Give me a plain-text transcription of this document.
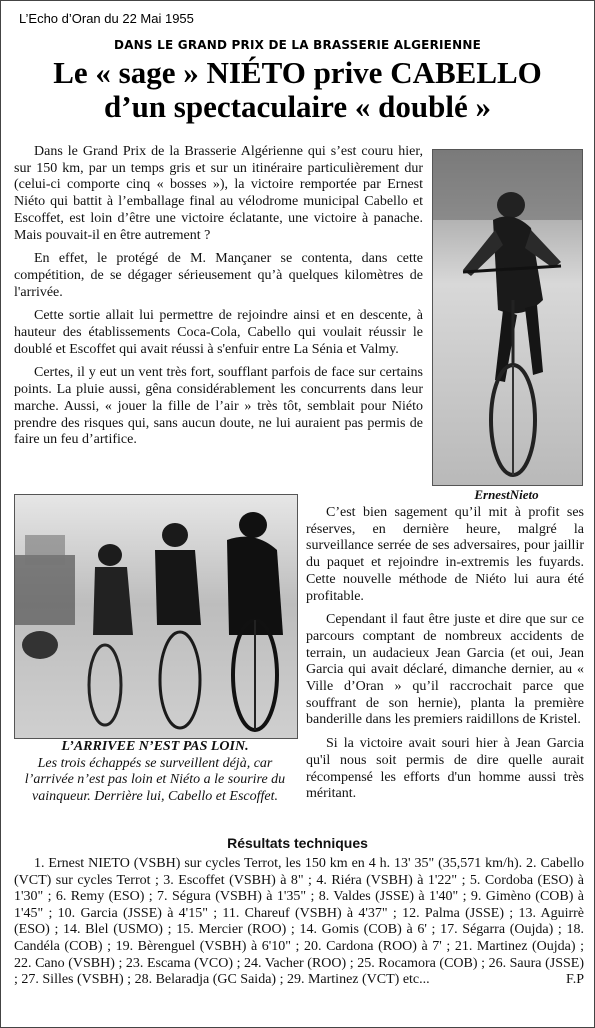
L’Echo d’Oran du 22 Mai 1955
DANS LE GRAND PRIX DE LA BRASSERIE ALGERIENNE
Le « sage » NIÉTO prive CABELLO
d’un spectaculaire « doublé »

Dans le Grand Prix de la Brasserie Algérienne qui s’est couru hier, sur 150 km, par un temps gris et sur un itinéraire particulièrement dur (celui-ci comporte cinq « bosses »), la victoire remportée par Ernest Niéto qui battit à l’emballage final au vélodrome municipal Cabello et Escoffet, est loin d’être une victoire éclatante, une victoire à panache. Mais pouvait-il en être autrement ?

En effet, le protégé de M. Mançaner se contenta, dans cette compétition, de se dégager sérieusement qu’à quelques kilomètres de l'arrivée.

Cette sortie allait lui permettre de rejoindre ainsi et en descente, à hauteur des établissements Coca-Cola, Cabello qui voulait réussir le doublé et Escoffet qui avait réussi à s'enfuir entre La Sénia et Valmy.

Certes, il y eut un vent très fort, soufflant parfois de face sur certains points. La pluie aussi, gêna considérablement les concurrents dans leur marche. Aussi, « jouer la fille de l’air » très tôt, semblait pour Niéto prendre des risques qui, sans aucun doute, ne lui auraient pas permis de faire un feu d’artifice.

ErnestNieto
L’ARRIVEE N’EST PAS LOIN.
Les trois échappés se surveillent déjà, car l’arrivée n’est pas loin et Niéto a le sourire du vainqueur. Derrière lui, Cabello et Escoffet.

C’est bien sagement qu’il mit à profit ses réserves, en dernière heure, malgré la surveillance serrée de ses adversaires, pour jaillir du paquet et rejoindre in-extremis les fuyards. Cette nouvelle méthode de Niéto lui aura été profitable.

Cependant il faut être juste et dire que sur ce parcours comptant de nombreux accidents de terrain, un audacieux Jean Garcia (et oui, Jean Garcia qui avait déclaré, dimanche dernier, au « Ville d’Oran » qu’il raccrochait parce que souffrant de son hernie), planta la première banderille dans les premiers raidillons de Kristel.

Si la victoire avait souri hier à Jean Garcia qu'il nous soit permis de dire quelle aurait récompensé les efforts d'un homme aussi très méritant.

Résultats techniques

1. Ernest NIETO (VSBH) sur cycles Terrot, les 150 km en 4 h. 13' 35" (35,571 km/h). 2. Cabello (VCT) sur cycles Terrot ; 3. Escoffet (VSBH) à 8" ; 4. Riéra (VSBH) à 1'22" ; 5. Cordoba (ESO) à 1'30" ; 6. Remy (ESO) ; 7. Ségura (VSBH) à 1'35" ; 8. Valdes (JSSE) à 1'40" ; 9. Gimèno (COB) à 1'45" ; 10. Garcia (JSSE) à 4'15" ; 11. Chareuf (VSBH) à 4'37" ; 12. Palma (JSSE) ; 13. Aguirrè (ESO) ; 14. Blel (USMO) ; 15. Mercier (ROO) ; 14. Gomis (COB) à 6' ; 17. Ségarra (Oujda) ; 18. Candéla (COB) ; 19. Bèrenguel (VSBH) à 6'10" ; 20. Cardona (ROO) à 7' ; 21. Martinez (Oujda) ; 22. Cano (VSBH) ; 23. Escama (VCO) ; 24. Vacher (ROO) ; 25. Rocamora (COB) ; 26. Saura (JSSE) ; 27. Silles (VSBH) ; 28. Belaradja (GC Saida) ; 29. Martinez (VCT) etc...	F.P
